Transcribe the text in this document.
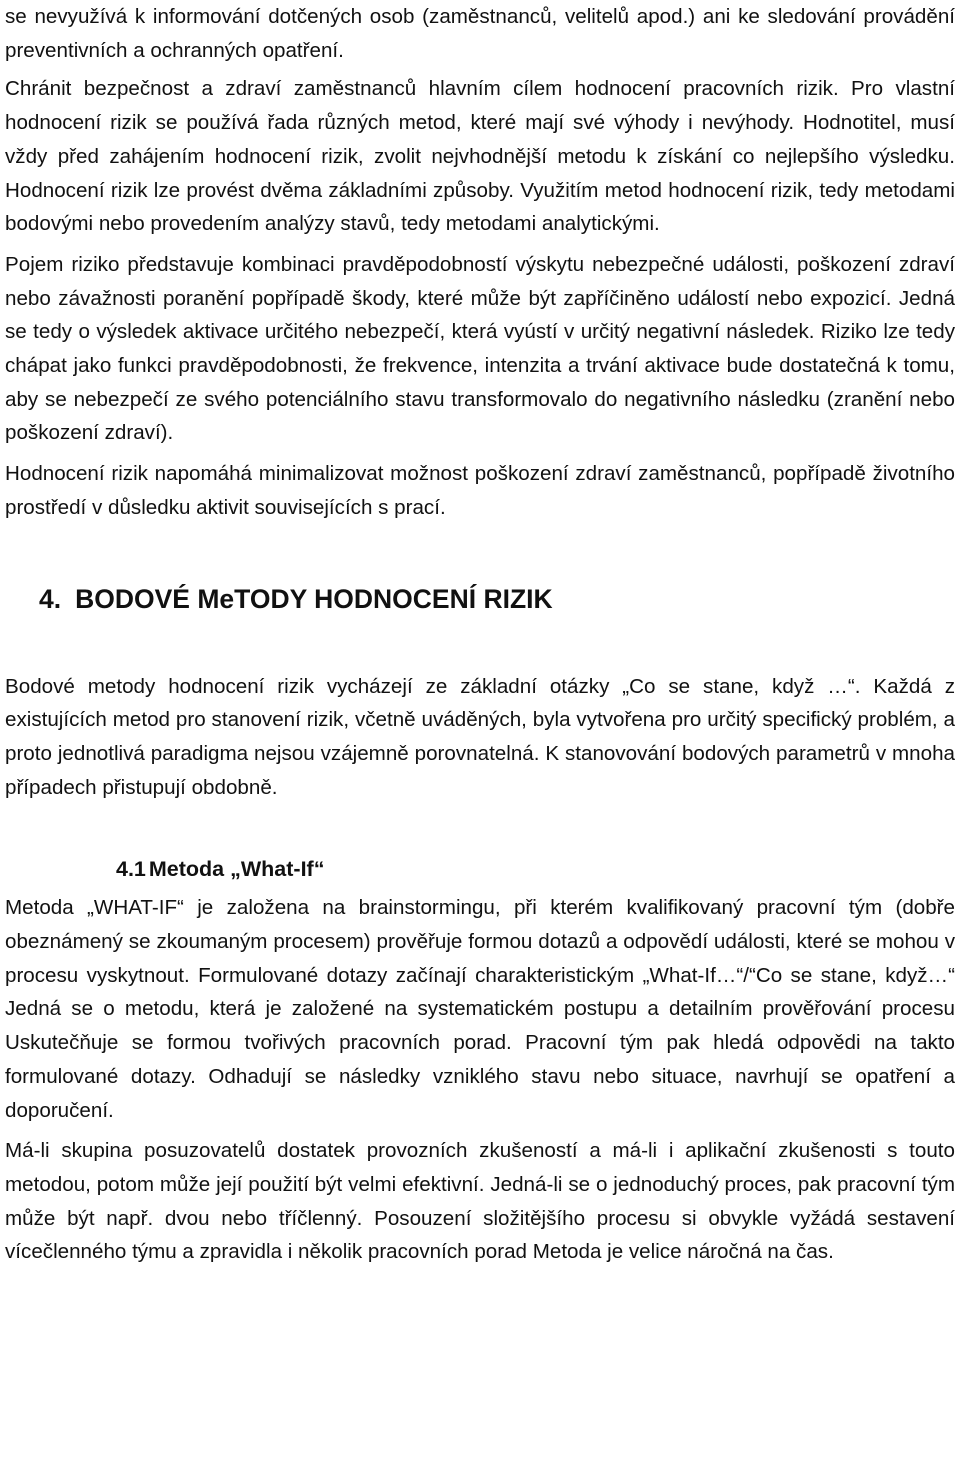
se nevyužívá k informování dotčených osob (zaměstnanců, velitelů apod.) ani ke sledování provádění preventivních a ochranných opatření.

Chránit bezpečnost a zdraví zaměstnanců hlavním cílem hodnocení pracovních rizik. Pro vlastní hodnocení rizik se používá řada různých metod, které mají své výhody i nevýhody. Hodnotitel, musí vždy před zahájením hodnocení rizik, zvolit nejvhodnější metodu k získání co nejlepšího výsledku. Hodnocení rizik lze provést dvěma základními způsoby. Využitím metod hodnocení rizik, tedy metodami bodovými nebo provedením analýzy stavů, tedy metodami analytickými.

Pojem riziko představuje kombinaci pravděpodobností výskytu nebezpečné události, poškození zdraví nebo závažnosti poranění popřípadě škody, které může být zapříčiněno událostí nebo expozicí. Jedná se tedy o výsledek aktivace určitého nebezpečí, která vyústí v určitý negativní následek. Riziko lze tedy chápat jako funkci pravděpodobnosti, že frekvence, intenzita a trvání aktivace bude dostatečná k tomu, aby se nebezpečí ze svého potenciálního stavu transformovalo do negativního následku (zranění nebo poškození zdraví).

Hodnocení rizik napomáhá minimalizovat možnost poškození zdraví zaměstnanců, popřípadě životního prostředí v důsledku aktivit souvisejících s prací.

4. BODOVÉ MeTODY HODNOCENÍ RIZIK

Bodové metody hodnocení rizik vycházejí ze základní otázky „Co se stane, když …“. Každá z existujících metod pro stanovení rizik, včetně uváděných, byla vytvořena pro určitý specifický problém, a proto jednotlivá paradigma nejsou vzájemně porovnatelná. K stanovování bodových parametrů v mnoha případech přistupují obdobně.

4.1 Metoda „What-If“

Metoda „WHAT-IF“ je založena na brainstormingu, při kterém kvalifikovaný pracovní tým (dobře obeznámený se zkoumaným procesem) prověřuje formou dotazů a odpovědí události, které se mohou v procesu vyskytnout. Formulované dotazy začínají charakteristickým „What-If…“/“Co se stane, když…“ Jedná se o metodu, která je založené na systematickém postupu a detailním prověřování procesu Uskutečňuje se formou tvořivých pracovních porad. Pracovní tým pak hledá odpovědi na takto formulované dotazy. Odhadují se následky vzniklého stavu nebo situace, navrhují se opatření a doporučení.

Má-li skupina posuzovatelů dostatek provozních zkušeností a má-li i aplikační zkušenosti s touto metodou, potom může její použití být velmi efektivní. Jedná-li se o jednoduchý proces, pak pracovní tým může být např. dvou nebo tříčlenný. Posouzení složitějšího procesu si obvykle vyžádá sestavení vícečlenného týmu a zpravidla i několik pracovních porad Metoda je velice náročná na čas.
